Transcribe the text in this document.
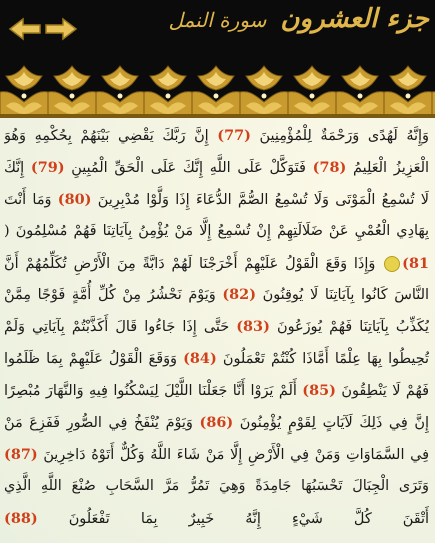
جزء العشرون
سورة النمل
وَإِنَّهُ لَهُدًى وَرَحْمَةٌ لِلْمُؤْمِنِينَ (77) إِنَّ رَبَّكَ يَقْضِي بَيْنَهُمْ بِحُكْمِهِ وَهُوَ
الْعَزِيزُ الْعَلِيمُ (78) فَتَوَكَّلْ عَلَى اللَّهِ إِنَّكَ عَلَى الْحَقِّ الْمُبِينِ (79) إِنَّكَ
لَا تُسْمِعُ الْمَوْتَى وَلَا تُسْمِعُ الصُّمَّ الدُّعَاءَ إِذَا وَلَّوْا مُدْبِرِينَ (80) وَمَا أَنْتَ
بِهَادِي الْعُمْيِ عَنْ ضَلَالَتِهِمْ إِنْ تُسْمِعُ إِلَّا مَنْ يُؤْمِنُ بِآيَاتِنَا فَهُمْ مُسْلِمُونَ (
81) وَإِذَا وَقَعَ الْقَوْلُ عَلَيْهِمْ أَخْرَجْنَا لَهُمْ دَابَّةً مِنَ الْأَرْضِ تُكَلِّمُهُمْ أَنَّ
النَّاسَ كَانُوا بِآيَاتِنَا لَا يُوقِنُونَ (82) وَيَوْمَ نَحْشُرُ مِنْ كُلِّ أُمَّةٍ فَوْجًا مِمَّنْ
يُكَذِّبُ بِآيَاتِنَا فَهُمْ يُوزَعُونَ (83) حَتَّى إِذَا جَاءُوا قَالَ أَكَذَّبْتُمْ بِآيَاتِي وَلَمْ
تُحِيطُوا بِهَا عِلْمًا أَمَّاذَا كُنْتُمْ تَعْمَلُونَ (84) وَوَقَعَ الْقَوْلُ عَلَيْهِمْ بِمَا ظَلَمُوا
فَهُمْ لَا يَنْطِقُونَ (85) أَلَمْ يَرَوْا أَنَّا جَعَلْنَا اللَّيْلَ لِيَسْكُنُوا فِيهِ وَالنَّهَارَ مُبْصِرًا
إِنَّ فِي ذَلِكَ لَآيَاتٍ لِقَوْمٍ يُؤْمِنُونَ (86) وَيَوْمَ يُنْفَخُ فِي الصُّورِ فَفَزِعَ مَنْ
فِي السَّمَاوَاتِ وَمَنْ فِي الْأَرْضِ إِلَّا مَنْ شَاءَ اللَّهُ وَكُلٌّ أَتَوْهُ دَاخِرِينَ (87)
وَتَرَى الْجِبَالَ تَحْسَبُهَا جَامِدَةً وَهِيَ تَمُرُّ مَرَّ السَّحَابِ صُنْعَ اللَّهِ الَّذِي
أَتْقَنَ كُلَّ شَيْءٍ إِنَّهُ خَبِيرٌ بِمَا تَفْعَلُونَ (88)
